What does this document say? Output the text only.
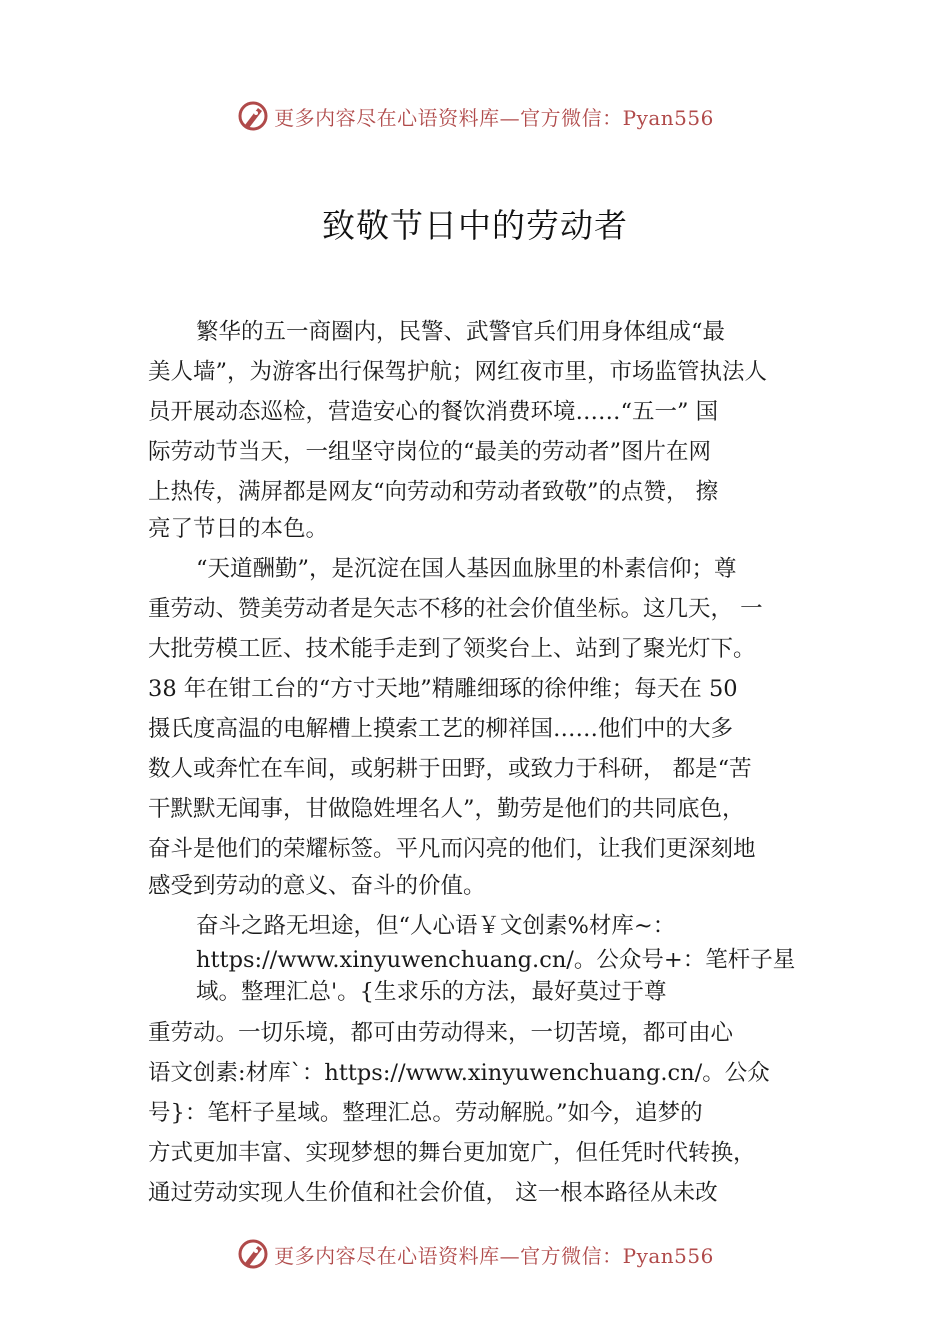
更多内容尽在心语资料库—官方微信：Pyan556
致敬节日中的劳动者
繁华的五一商圈内，民警、武警官兵们用身体组成“最
美人墙”，为游客出行保驾护航；网红夜市里，市场监管执法人
员开展动态巡检，营造安心的餐饮消费环境……“五一” 国
际劳动节当天，一组坚守岗位的“最美的劳动者”图片在网
上热传，满屏都是网友“向劳动和劳动者致敬”的点赞， 擦
亮了节日的本色。
“天道酬勤”，是沉淀在国人基因血脉里的朴素信仰；尊
重劳动、赞美劳动者是矢志不移的社会价值坐标。这几天， 一
大批劳模工匠、技术能手走到了领奖台上、站到了聚光灯下。
38 年在钳工台的“方寸天地”精雕细琢的徐仲维；每天在 50
摄氏度高温的电解槽上摸索工艺的柳祥国……他们中的大多
数人或奔忙在车间，或躬耕于田野，或致力于科研， 都是“苦
干默默无闻事，甘做隐姓埋名人”，勤劳是他们的共同底色，
奋斗是他们的荣耀标签。平凡而闪亮的他们，让我们更深刻地
感受到劳动的意义、奋斗的价值。
奋斗之路无坦途，但“人心语￥文创素%材库~：
https://www.xinyuwenchuang.cn/。公众号+：笔杆子星
域。整理汇总'。{生求乐的方法，最好莫过于尊
重劳动。一切乐境，都可由劳动得来，一切苦境，都可由心
语文创素:材库`：https://www.xinyuwenchuang.cn/。公众
号}：笔杆子星域。整理汇总。劳动解脱。”如今，追梦的
方式更加丰富、实现梦想的舞台更加宽广，但任凭时代转换，
通过劳动实现人生价值和社会价值， 这一根本路径从未改
更多内容尽在心语资料库—官方微信：Pyan556
